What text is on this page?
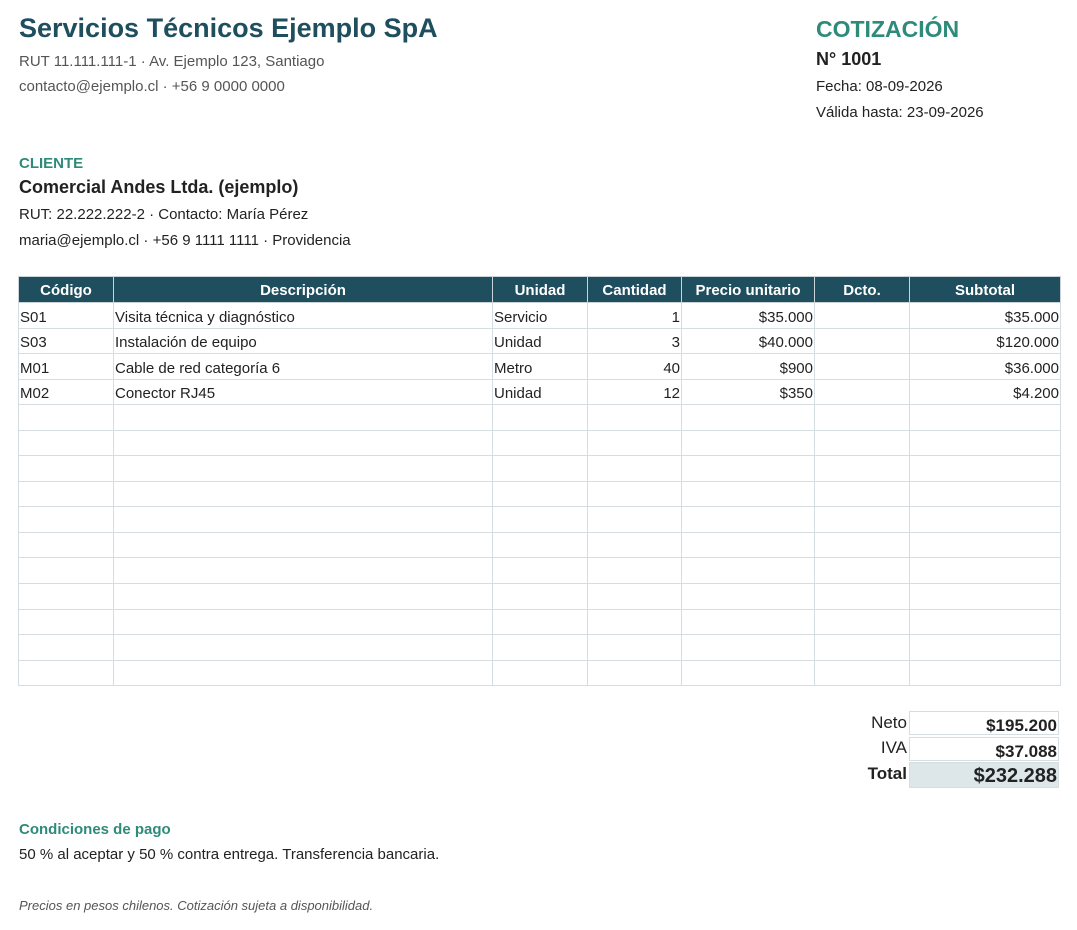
Servicios Técnicos Ejemplo SpA
RUT 11.111.111-1 · Av. Ejemplo 123, Santiago
contacto@ejemplo.cl · +56 9 0000 0000
COTIZACIÓN
N° 1001
Fecha: 08-09-2026
Válida hasta: 23-09-2026
CLIENTE
Comercial Andes Ltda. (ejemplo)
RUT: 22.222.222-2 · Contacto: María Pérez
maria@ejemplo.cl · +56 9 1111 1111 · Providencia
Código	Descripción	Unidad	Cantidad	Precio unitario	Dcto.	Subtotal
S01	Visita técnica y diagnóstico	Servicio	1	$35.000		$35.000
S03	Instalación de equipo	Unidad	3	$40.000		$120.000
M01	Cable de red categoría 6	Metro	40	$900		$36.000
M02	Conector RJ45	Unidad	12	$350		$4.200

Neto	$195.200
IVA	$37.088
Total	$232.288
Condiciones de pago
50 % al aceptar y 50 % contra entrega. Transferencia bancaria.
Precios en pesos chilenos. Cotización sujeta a disponibilidad.
